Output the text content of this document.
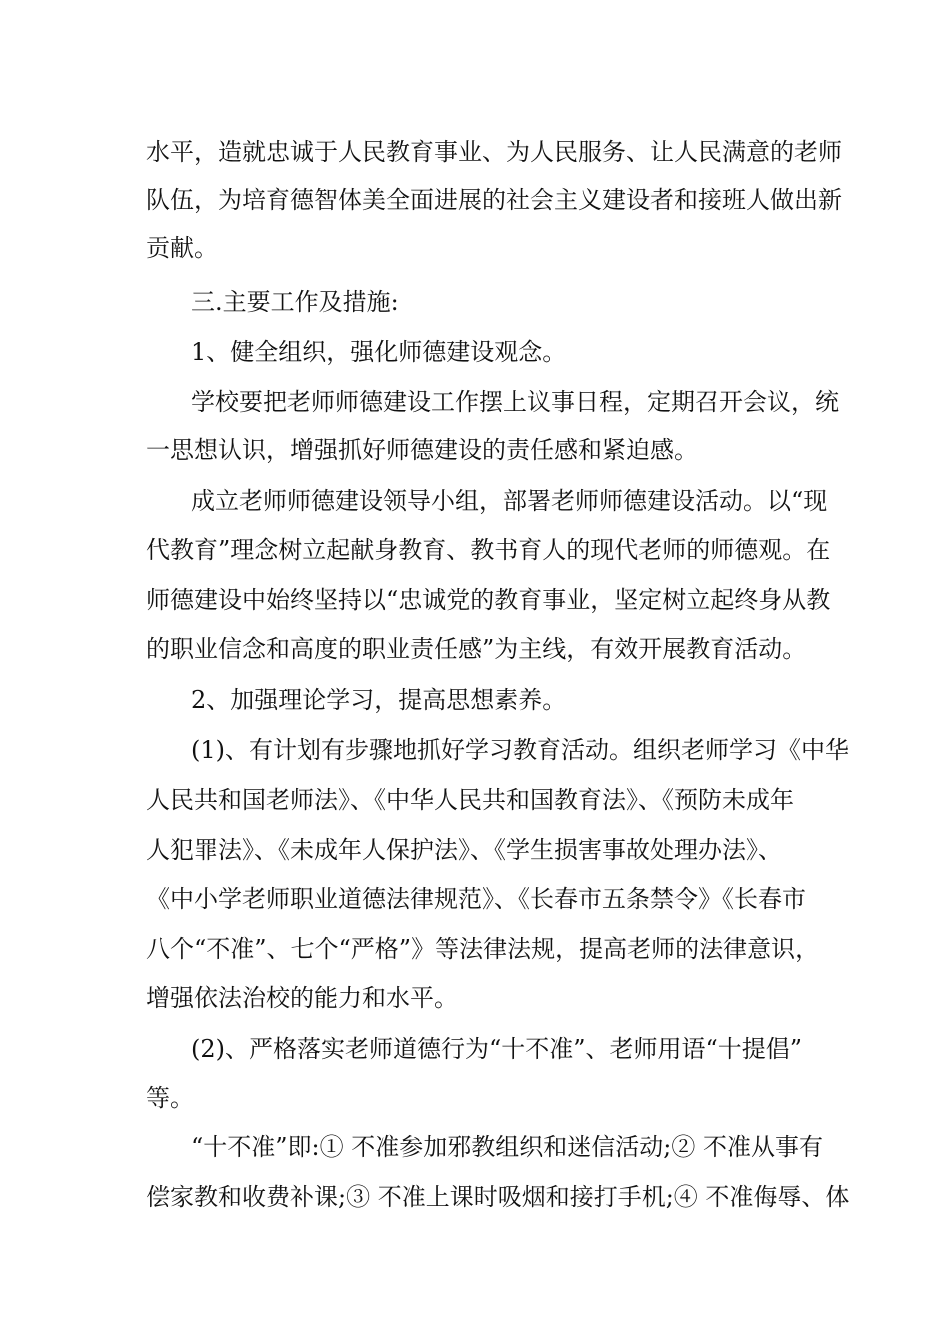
水平，造就忠诚于人民教育事业、为人民服务、让人民满意的老师
队伍，为培育德智体美全面进展的社会主义建设者和接班人做出新
贡献。
三.主要工作及措施:
1、健全组织，强化师德建设观念。
学校要把老师师德建设工作摆上议事日程，定期召开会议，统
一思想认识，增强抓好师德建设的责任感和紧迫感。
成立老师师德建设领导小组，部署老师师德建设活动。以“现
代教育”理念树立起献身教育、教书育人的现代老师的师德观。在
师德建设中始终坚持以“忠诚党的教育事业，坚定树立起终身从教
的职业信念和高度的职业责任感”为主线，有效开展教育活动。
2、加强理论学习，提高思想素养。
(1)、有计划有步骤地抓好学习教育活动。组织老师学习《中华
人民共和国老师法》、《中华人民共和国教育法》、《预防未成年
人犯罪法》、《未成年人保护法》、《学生损害事故处理办法》、
《中小学老师职业道德法律规范》、《长春市五条禁令》《长春市
八个“不准”、七个“严格”》等法律法规，提高老师的法律意识，
增强依法治校的能力和水平。
(2)、严格落实老师道德行为“十不准”、老师用语“十提倡”
等。
“十不准”即:① 不准参加邪教组织和迷信活动;② 不准从事有
偿家教和收费补课;③ 不准上课时吸烟和接打手机;④ 不准侮辱、体
